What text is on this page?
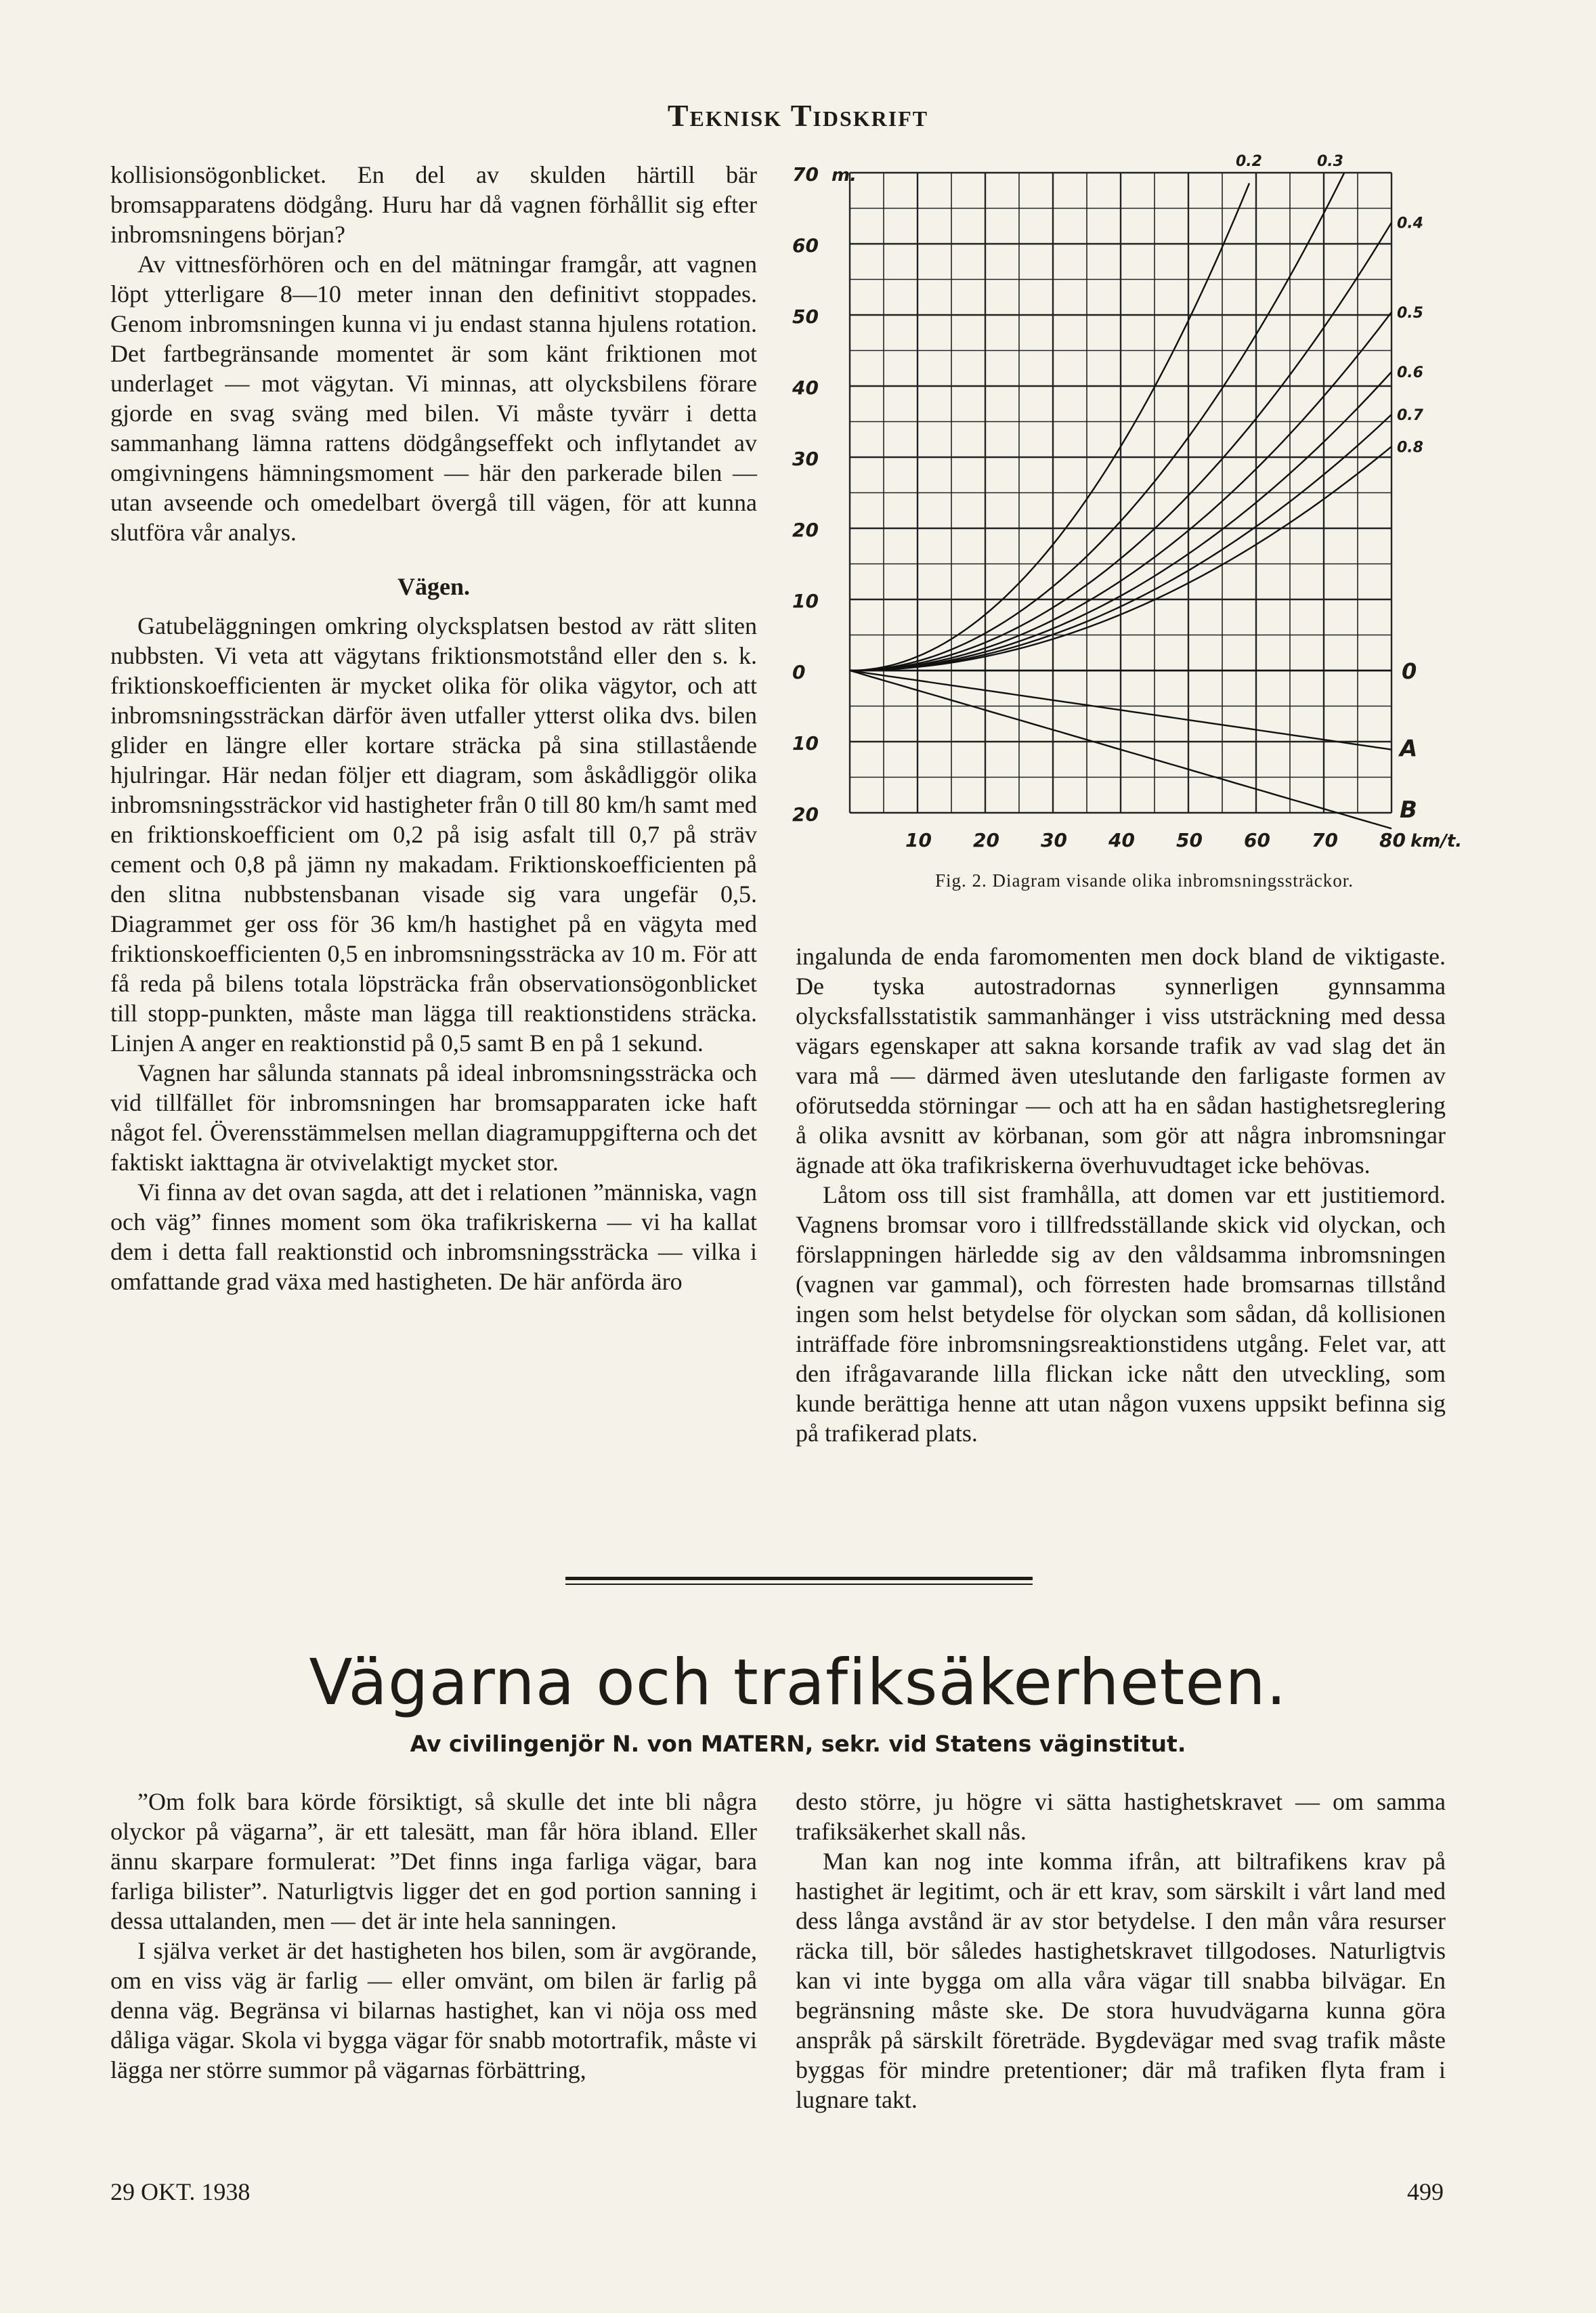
Teknisk Tidskrift

kollisionsögonblicket. En del av skulden härtill bär bromsapparatens dödgång. Huru har då vagnen förhållit sig efter inbromsningens början?

Av vittnesförhören och en del mätningar framgår, att vagnen löpt ytterligare 8—10 meter innan den definitivt stoppades. Genom inbromsningen kunna vi ju endast stanna hjulens rotation. Det fartbegränsande momentet är som känt friktionen mot underlaget — mot vägytan. Vi minnas, att olycksbilens förare gjorde en svag sväng med bilen. Vi måste tyvärr i detta sammanhang lämna rattens dödgångseffekt och inflytandet av omgivningens hämningsmoment — här den parkerade bilen — utan avseende och omedelbart övergå till vägen, för att kunna slutföra vår analys.

Vägen.

Gatubeläggningen omkring olycksplatsen bestod av rätt sliten nubbsten. Vi veta att vägytans friktionsmotstånd eller den s. k. friktionskoefficienten är mycket olika för olika vägytor, och att inbromsningssträckan därför även utfaller ytterst olika dvs. bilen glider en längre eller kortare sträcka på sina stillastående hjulringar. Här nedan följer ett diagram, som åskådliggör olika inbromsningssträckor vid hastigheter från 0 till 80 km/h samt med en friktionskoefficient om 0,2 på isig asfalt till 0,7 på sträv cement och 0,8 på jämn ny makadam. Friktionskoefficienten på den slitna nubbstensbanan visade sig vara ungefär 0,5. Diagrammet ger oss för 36 km/h hastighet på en vägyta med friktionskoefficienten 0,5 en inbromsningssträcka av 10 m. För att få reda på bilens totala löpsträcka från observationsögonblicket till stopp-punkten, måste man lägga till reaktionstidens sträcka. Linjen A anger en reaktionstid på 0,5 samt B en på 1 sekund.

Vagnen har sålunda stannats på ideal inbromsningssträcka och vid tillfället för inbromsningen har bromsapparaten icke haft något fel. Överensstämmelsen mellan diagramuppgifterna och det faktiskt iakttagna är otvivelaktigt mycket stor.

Vi finna av det ovan sagda, att det i relationen ”människa, vagn och väg” finnes moment som öka trafikriskerna — vi ha kallat dem i detta fall reaktionstid och inbromsningssträcka — vilka i omfattande grad växa med hastigheten. De här anförda äro

70
60
50
40
30
20
10
0
10
20
m.
10 20 30 40 50 60 70 80 km/t.
0.2	0.3
0.4
0.5
0.6
0.7
0.8
0
A
B
Fig. 2. Diagram visande olika inbromsningssträckor.

ingalunda de enda faromomenten men dock bland de viktigaste. De tyska autostradornas synnerligen gynnsamma olycksfallsstatistik sammanhänger i viss utsträckning med dessa vägars egenskaper att sakna korsande trafik av vad slag det än vara må — därmed även uteslutande den farligaste formen av oförutsedda störningar — och att ha en sådan hastighetsreglering å olika avsnitt av körbanan, som gör att några inbromsningar ägnade att öka trafikriskerna överhuvudtaget icke behövas.

Låtom oss till sist framhålla, att domen var ett justitiemord. Vagnens bromsar voro i tillfredsställande skick vid olyckan, och förslappningen härledde sig av den våldsamma inbromsningen (vagnen var gammal), och förresten hade bromsarnas tillstånd ingen som helst betydelse för olyckan som sådan, då kollisionen inträffade före inbromsningsreaktionstidens utgång. Felet var, att den ifrågavarande lilla flickan icke nått den utveckling, som kunde berättiga henne att utan någon vuxens uppsikt befinna sig på trafikerad plats.

Vägarna och trafiksäkerheten.
Av civilingenjör N. von MATERN, sekr. vid Statens väginstitut.

”Om folk bara körde försiktigt, så skulle det inte bli några olyckor på vägarna”, är ett talesätt, man får höra ibland. Eller ännu skarpare formulerat: ”Det finns inga farliga vägar, bara farliga bilister”. Naturligtvis ligger det en god portion sanning i dessa uttalanden, men — det är inte hela sanningen.

I själva verket är det hastigheten hos bilen, som är avgörande, om en viss väg är farlig — eller omvänt, om bilen är farlig på denna väg. Begränsa vi bilarnas hastighet, kan vi nöja oss med dåliga vägar. Skola vi bygga vägar för snabb motortrafik, måste vi lägga ner större summor på vägarnas förbättring,

desto större, ju högre vi sätta hastighetskravet — om samma trafiksäkerhet skall nås.

Man kan nog inte komma ifrån, att biltrafikens krav på hastighet är legitimt, och är ett krav, som särskilt i vårt land med dess långa avstånd är av stor betydelse. I den mån våra resurser räcka till, bör således hastighetskravet tillgodoses. Naturligtvis kan vi inte bygga om alla våra vägar till snabba bilvägar. En begränsning måste ske. De stora huvudvägarna kunna göra anspråk på särskilt företräde. Bygdevägar med svag trafik måste byggas för mindre pretentioner; där må trafiken flyta fram i lugnare takt.

29 OKT. 1938	499
